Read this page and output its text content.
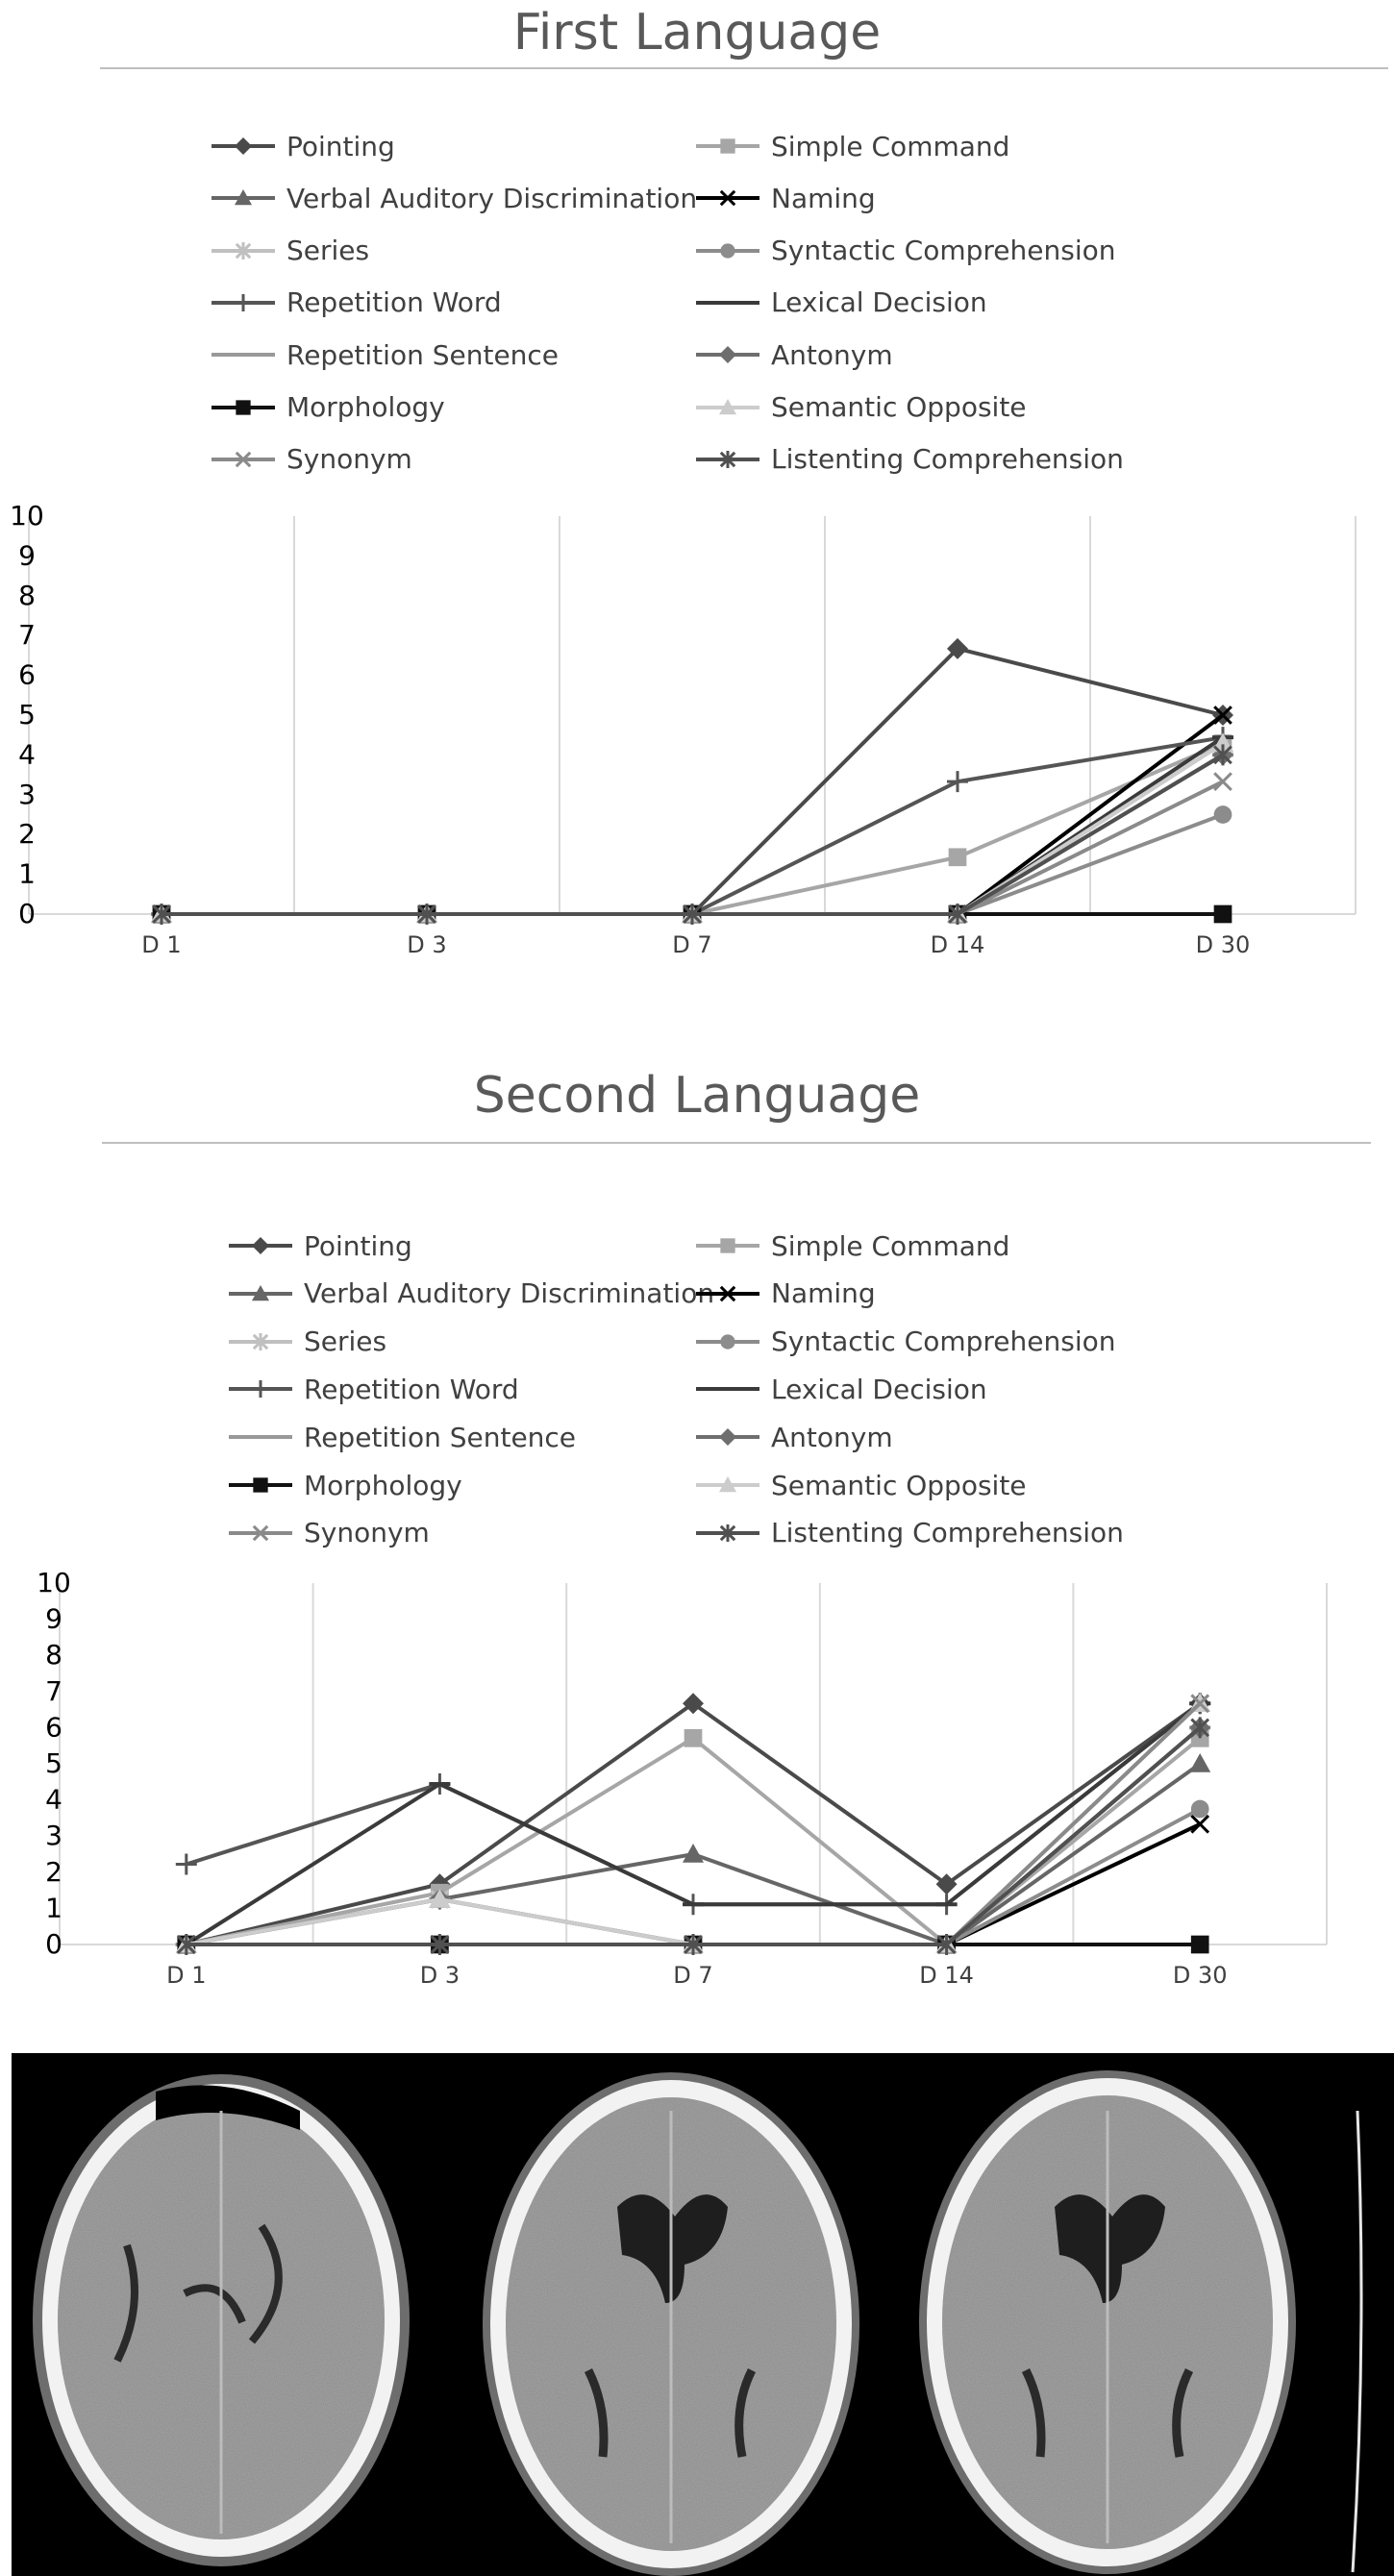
First Language
Pointing	Simple Command
Verbal Auditory Discrimination	Naming
Series	Syntactic Comprehension
Repetition Word	Lexical Decision
Repetition Sentence	Antonym
Morphology	Semantic Opposite
Synonym	Listenting Comprehension
0
1
2
3
4
5
6
7
8
9
10
D 1	D 3	D 7	D 14	D 30
Second Language
Pointing	Simple Command
Verbal Auditory Discrimination Naming
Series	Syntactic Comprehension
Repetition Word	Lexical Decision
Repetition Sentence	Antonym
Morphology	Semantic Opposite
Synonym	Listenting Comprehension
0
1
2
3
4
5
6
7
8
9
10
D 1	D 3	D 7	D 14	D 30
